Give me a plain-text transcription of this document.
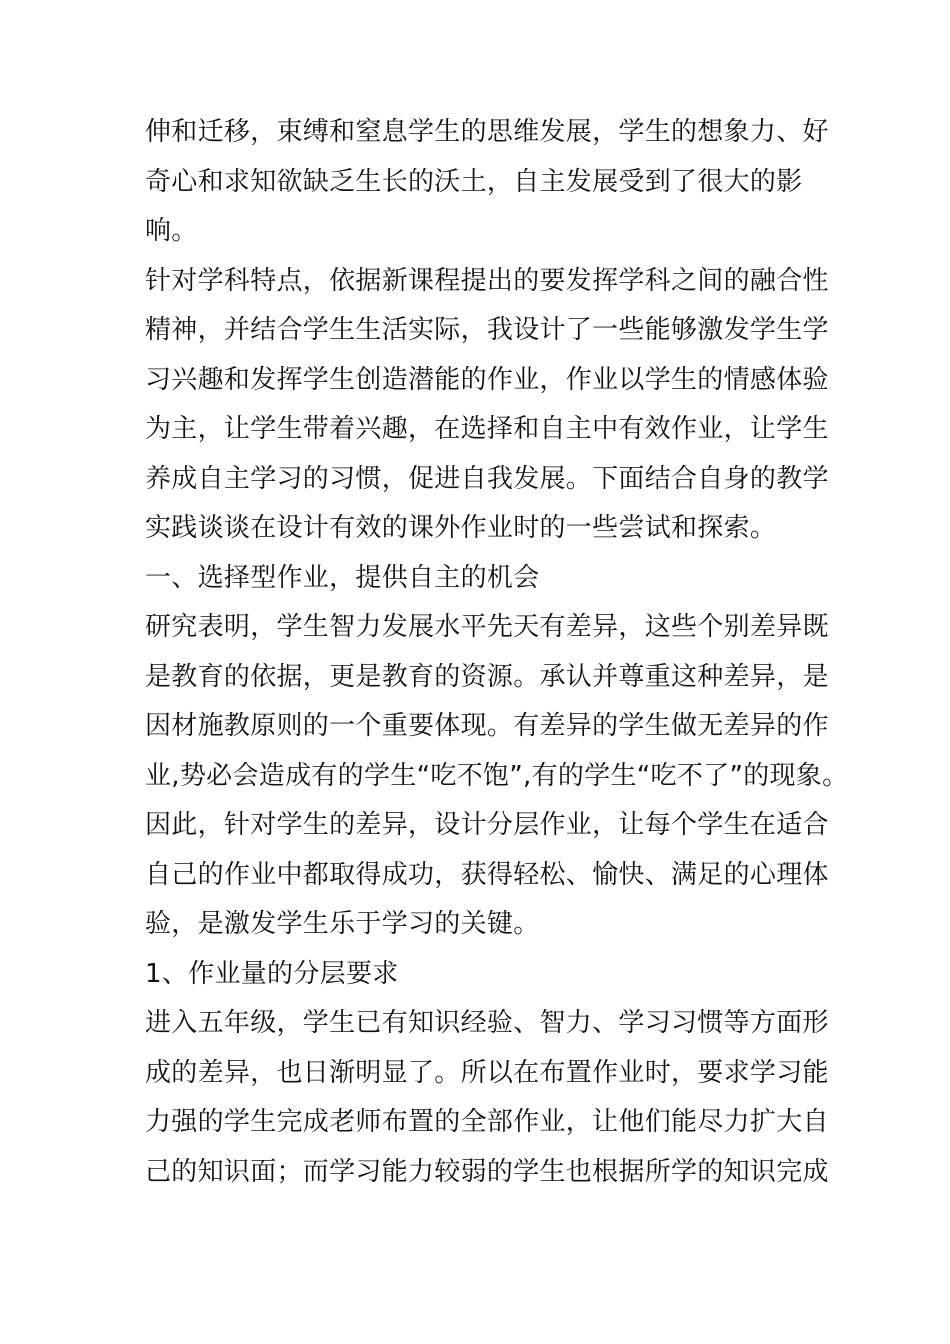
伸和迁移，束缚和窒息学生的思维发展，学生的想象力、好
奇心和求知欲缺乏生长的沃土，自主发展受到了很大的影
响。
针对学科特点，依据新课程提出的要发挥学科之间的融合性
精神，并结合学生生活实际，我设计了一些能够激发学生学
习兴趣和发挥学生创造潜能的作业，作业以学生的情感体验
为主，让学生带着兴趣，在选择和自主中有效作业，让学生
养成自主学习的习惯，促进自我发展。下面结合自身的教学
实践谈谈在设计有效的课外作业时的一些尝试和探索。
一、选择型作业，提供自主的机会
研究表明，学生智力发展水平先天有差异，这些个别差异既
是教育的依据，更是教育的资源。承认并尊重这种差异，是
因材施教原则的一个重要体现。有差异的学生做无差异的作
业,势必会造成有的学生“吃不饱”,有的学生“吃不了”的现象。
因此，针对学生的差异，设计分层作业，让每个学生在适合
自己的作业中都取得成功，获得轻松、愉快、满足的心理体
验，是激发学生乐于学习的关键。
1、作业量的分层要求
进入五年级，学生已有知识经验、智力、学习习惯等方面形
成的差异，也日渐明显了。所以在布置作业时，要求学习能
力强的学生完成老师布置的全部作业，让他们能尽力扩大自
己的知识面；而学习能力较弱的学生也根据所学的知识完成
